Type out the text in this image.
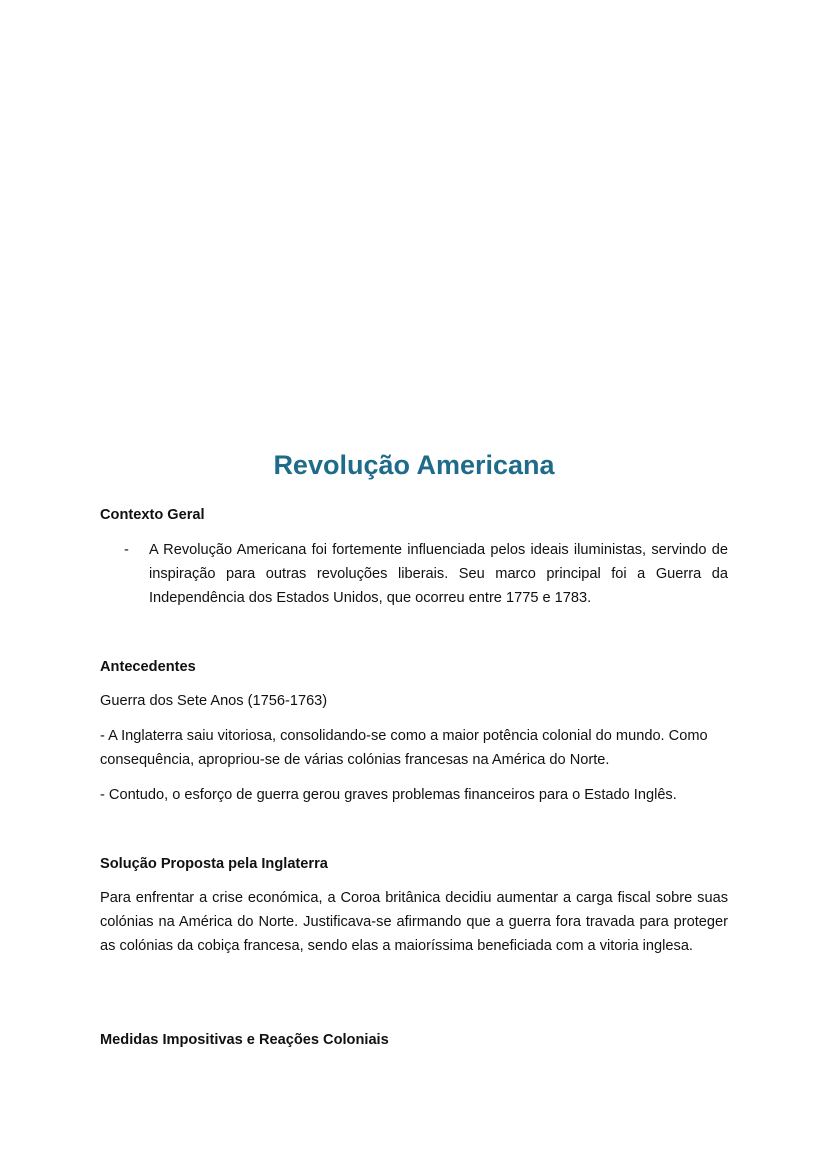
Revolução Americana

Contexto Geral

- A Revolução Americana foi fortemente influenciada pelos ideais iluministas, servindo de inspiração para outras revoluções liberais. Seu marco principal foi a Guerra da Independência dos Estados Unidos, que ocorreu entre 1775 e 1783.

Antecedentes

Guerra dos Sete Anos (1756-1763)

- A Inglaterra saiu vitoriosa, consolidando-se como a maior potência colonial do mundo. Como consequência, apropriou-se de várias colónias francesas na América do Norte.

- Contudo, o esforço de guerra gerou graves problemas financeiros para o Estado Inglês.

Solução Proposta pela Inglaterra

Para enfrentar a crise económica, a Coroa britânica decidiu aumentar a carga fiscal sobre suas colónias na América do Norte. Justificava-se afirmando que a guerra fora travada para proteger as colónias da cobiça francesa, sendo elas a maioríssima beneficiada com a vitoria inglesa.

Medidas Impositivas e Reações Coloniais
